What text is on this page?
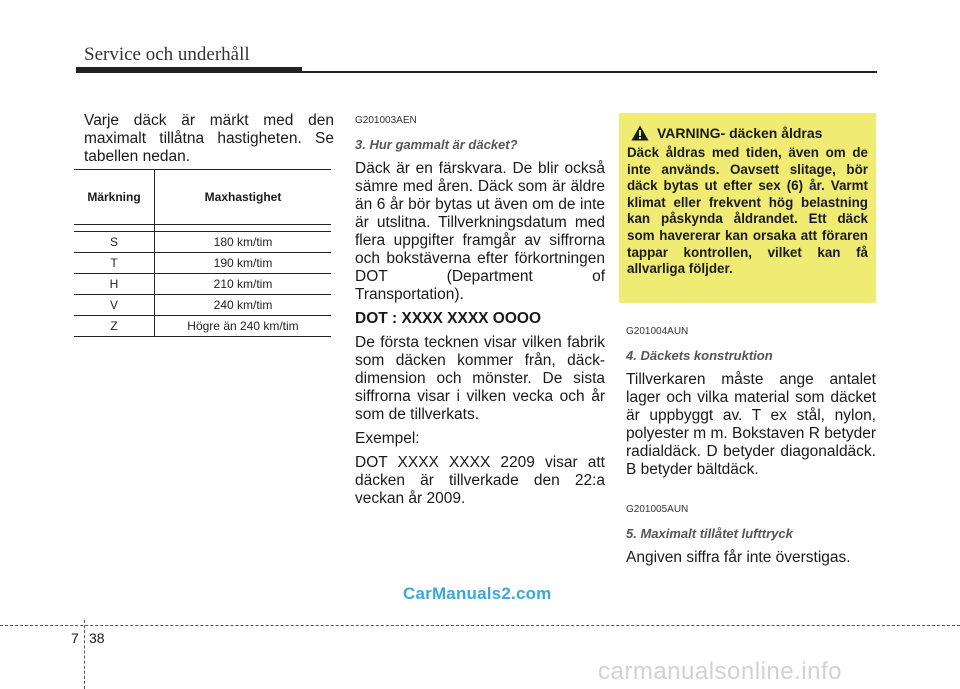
Service och underhåll

Varje däck är märkt med den maximalt tillåtna hastigheten. Se tabellen nedan.

Märkning	Maxhastighet

S	180 km/tim
T	190 km/tim
H	210 km/tim
V	240 km/tim
Z	Högre än 240 km/tim
G201003AEN
3. Hur gammalt är däcket?

Däck är en färskvara. De blir också sämre med åren. Däck som är äldre än 6 år bör bytas ut även om de inte är utslitna. Tillverkningsdatum med flera uppgifter framgår av siffrorna och bokstäverna efter förkortningen DOT (Department of Transportation).

DOT : XXXX XXXX OOOO

De första tecknen visar vilken fabrik som däcken kommer från, däck-dimension och mönster. De sista siffrorna visar i vilken vecka och år som de tillverkats.

Exempel:

DOT XXXX XXXX 2209 visar att däcken är tillverkade den 22:a veckan år 2009.

VARNING- däcken åldras
Däck åldras med tiden, även om de inte används. Oavsett slitage, bör däck bytas ut efter sex (6) år. Varmt klimat eller frekvent hög belastning kan påskynda åldrandet. Ett däck som havererar kan orsaka att föraren tappar kontrollen, vilket kan få allvarliga följder.
G201004AUN
4. Däckets konstruktion

Tillverkaren måste ange antalet lager och vilka material som däcket är uppbyggt av. T ex stål, nylon, polyester m m. Bokstaven R betyder radialdäck. D betyder diagonaldäck. B betyder bältdäck.

G201005AUN
5. Maximalt tillåtet lufttryck

Angiven siffra får inte överstigas.

CarManuals2.com
7 38
carmanualsonline.info
